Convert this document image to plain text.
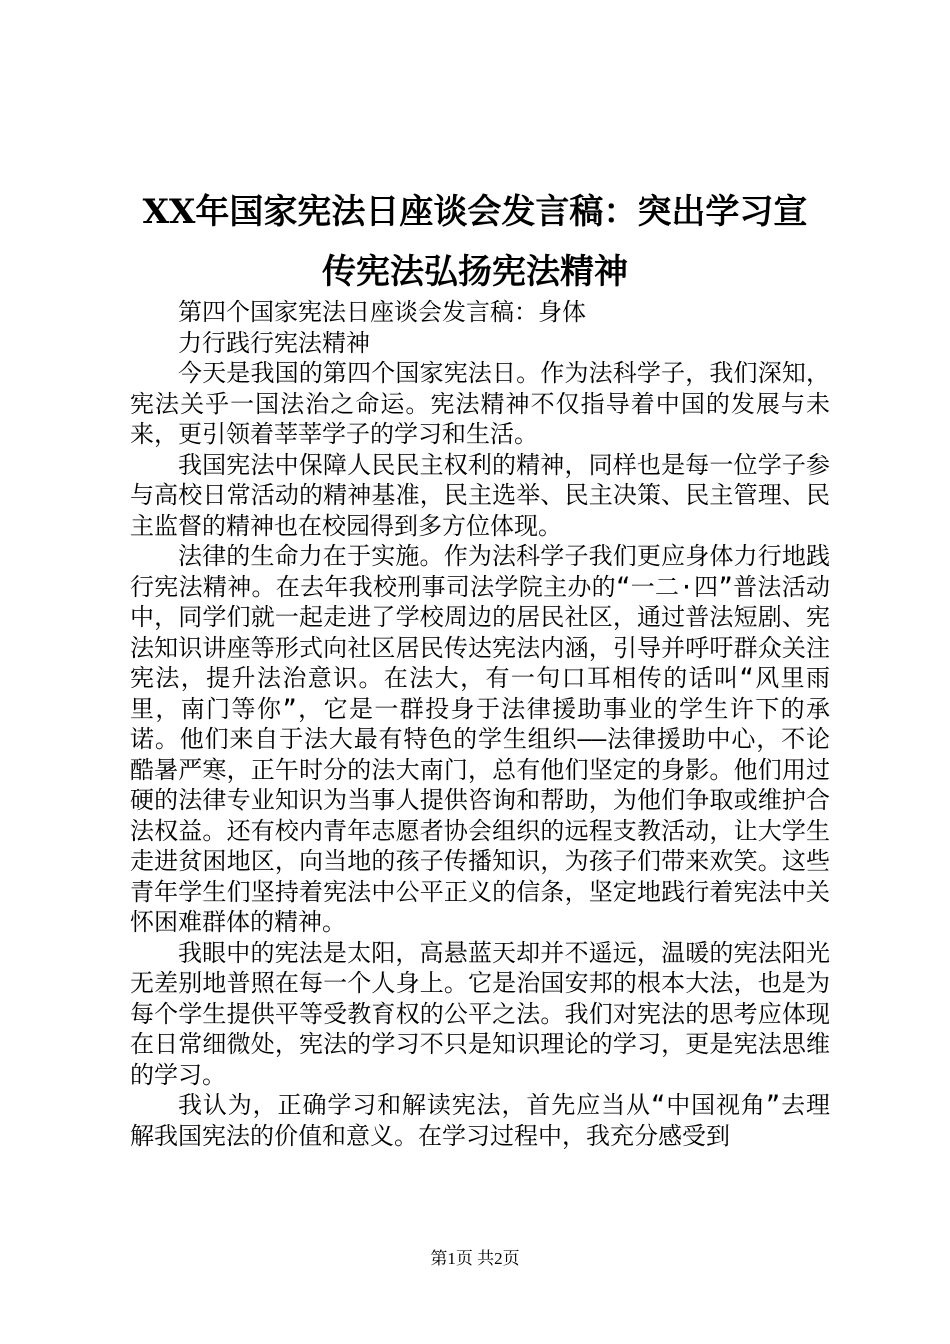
XX年国家宪法日座谈会发言稿：突出学习宣
传宪法弘扬宪法精神

第四个国家宪法日座谈会发言稿：身体

力行践行宪法精神

今天是我国的第四个国家宪法日。作为法科学子，我们深知，宪法关乎一国法治之命运。宪法精神不仅指导着中国的发展与未来，更引领着莘莘学子的学习和生活。

我国宪法中保障人民民主权利的精神，同样也是每一位学子参与高校日常活动的精神基准，民主选举、民主决策、民主管理、民主监督的精神也在校园得到多方位体现。

法律的生命力在于实施。作为法科学子我们更应身体力行地践行宪法精神。在去年我校刑事司法学院主办的“一二·四”普法活动中，同学们就一起走进了学校周边的居民社区，通过普法短剧、宪法知识讲座等形式向社区居民传达宪法内涵，引导并呼吁群众关注宪法，提升法治意识。在法大，有一句口耳相传的话叫“风里雨里，南门等你”，它是一群投身于法律援助事业的学生许下的承诺。他们来自于法大最有特色的学生组织——法律援助中心，不论酷暑严寒，正午时分的法大南门，总有他们坚定的身影。他们用过硬的法律专业知识为当事人提供咨询和帮助，为他们争取或维护合法权益。还有校内青年志愿者协会组织的远程支教活动，让大学生走进贫困地区，向当地的孩子传播知识，为孩子们带来欢笑。这些青年学生们坚持着宪法中公平正义的信条，坚定地践行着宪法中关怀困难群体的精神。

我眼中的宪法是太阳，高悬蓝天却并不遥远，温暖的宪法阳光无差别地普照在每一个人身上。它是治国安邦的根本大法，也是为每个学生提供平等受教育权的公平之法。我们对宪法的思考应体现在日常细微处，宪法的学习不只是知识理论的学习，更是宪法思维的学习。

我认为，正确学习和解读宪法，首先应当从“中国视角”去理解我国宪法的价值和意义。在学习过程中，我充分感受到

第1页 共2页
